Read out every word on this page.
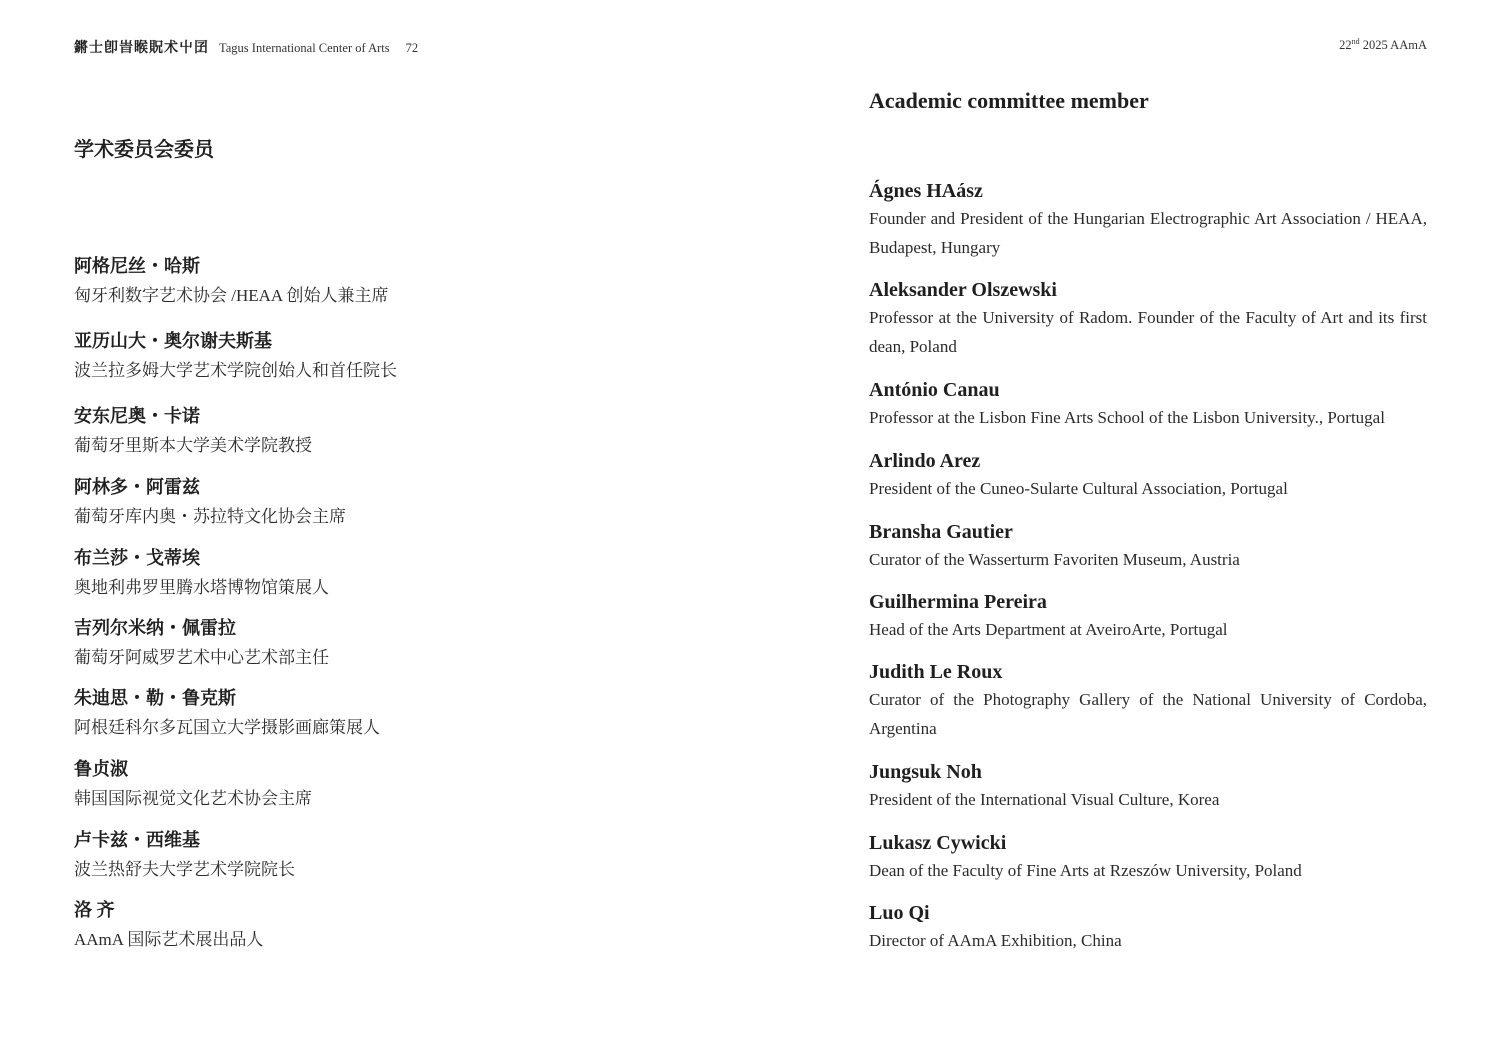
鏘士卽旹睺貺术屮囝 Tagus International Center of Arts 72	22nd 2025 AAmA
学术委员会委员
阿格尼丝・哈斯
匈牙利数字艺术协会 /HEAA 创始人兼主席
亚历山大・奥尔谢夫斯基
波兰拉多姆大学艺术学院创始人和首任院长
安东尼奥・卡诺
葡萄牙里斯本大学美术学院教授
阿林多・阿雷兹
葡萄牙库内奥・苏拉特文化协会主席
布兰莎・戈蒂埃
奥地利弗罗里腾水塔博物馆策展人
吉列尔米纳・佩雷拉
葡萄牙阿威罗艺术中心艺术部主任
朱迪思・勒・鲁克斯
阿根廷科尔多瓦国立大学摄影画廊策展人
鲁贞淑
韩国国际视觉文化艺术协会主席
卢卡兹・西维基
波兰热舒夫大学艺术学院院长
洛 齐
AAmA 国际艺术展出品人
Academic committee member
Ágnes HAász
Founder and President of the Hungarian Electrographic Art Association / HEAA, Budapest, Hungary
Aleksander Olszewski
Professor at the University of Radom. Founder of the Faculty of Art and its first dean, Poland
António Canau
Professor at the Lisbon Fine Arts School of the Lisbon University., Portugal
Arlindo Arez
President of the Cuneo-Sularte Cultural Association, Portugal
Bransha Gautier
Curator of the Wasserturm Favoriten Museum, Austria
Guilhermina Pereira
Head of the Arts Department at AveiroArte, Portugal
Judith Le Roux
Curator of the Photography Gallery of the National University of Cordoba, Argentina
Jungsuk Noh
President of the International Visual Culture, Korea
Lukasz Cywicki
Dean of the Faculty of Fine Arts at Rzeszów University, Poland
Luo Qi
Director of AAmA Exhibition, China
